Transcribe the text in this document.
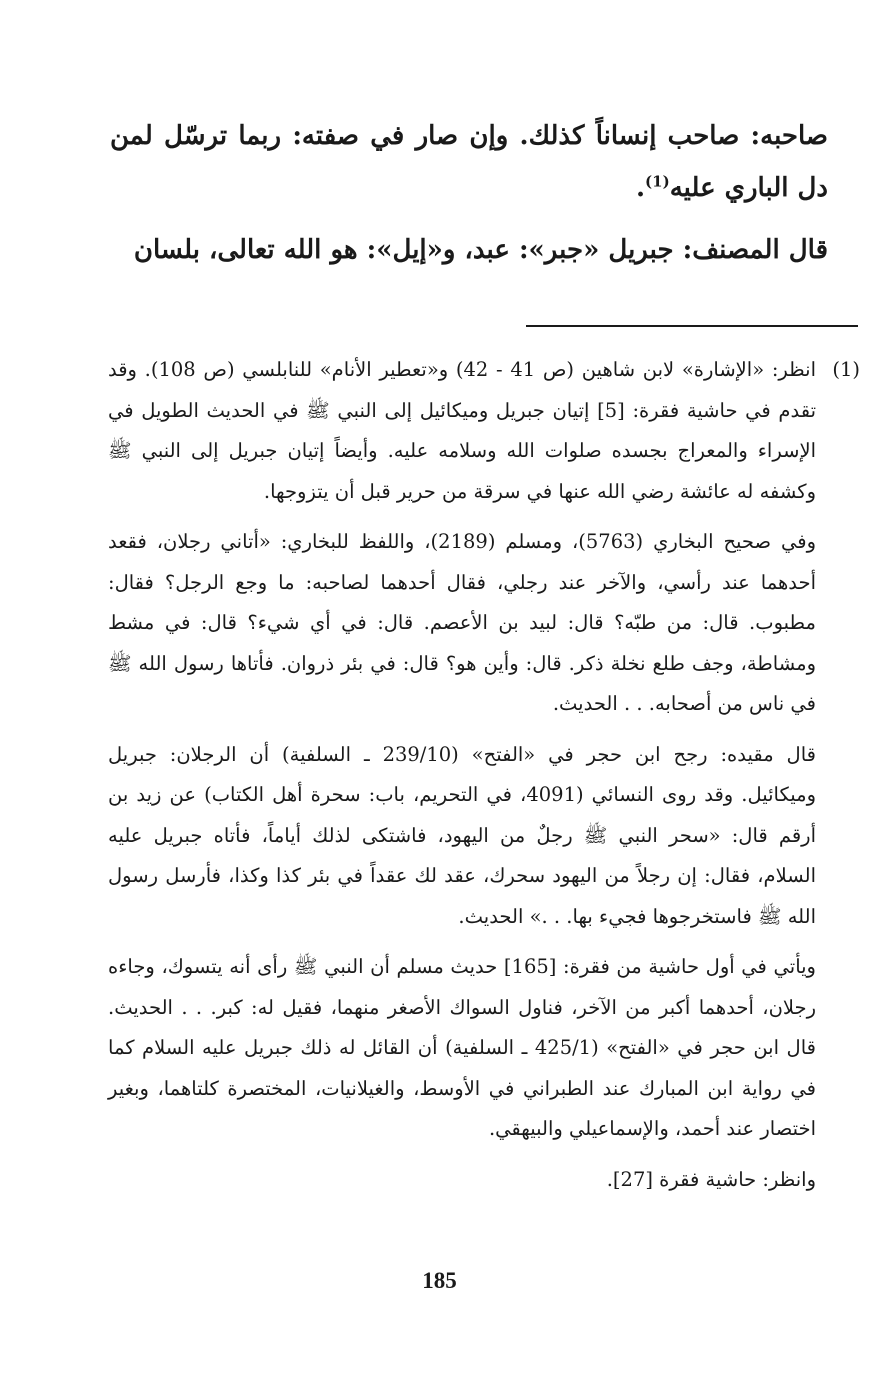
صاحبه: صاحب إنساناً كذلك. وإن صار في صفته: ربما ترسّل لمن دل الباري عليه$^{(1)}$.

قال المصنف: جبريل «جبر»: عبد، و«إيل»: هو الله تعالى، بلسان

(1)

انظر: «الإشارة» لابن شاهين (ص 41 - 42) و«تعطير الأنام» للنابلسي (ص 108). وقد تقدم في حاشية فقرة: [5] إتيان جبريل وميكائيل إلى النبي ﷺ في الحديث الطويل في الإسراء والمعراج بجسده صلوات الله وسلامه عليه. وأيضاً إتيان جبريل إلى النبي ﷺ وكشفه له عائشة رضي الله عنها في سرقة من حرير قبل أن يتزوجها.

وفي صحيح البخاري (5763)، ومسلم (2189)، واللفظ للبخاري: «أتاني رجلان، فقعد أحدهما عند رأسي، والآخر عند رجلي، فقال أحدهما لصاحبه: ما وجع الرجل؟ فقال: مطبوب. قال: من طبّه؟ قال: لبيد بن الأعصم. قال: في أي شيء؟ قال: في مشط ومشاطة، وجف طلع نخلة ذكر. قال: وأين هو؟ قال: في بئر ذروان. فأتاها رسول الله ﷺ في ناس من أصحابه. . . الحديث.

قال مقيده: رجح ابن حجر في «الفتح» (239/10 ـ السلفية) أن الرجلان: جبريل وميكائيل. وقد روى النسائي (4091، في التحريم، باب: سحرة أهل الكتاب) عن زيد بن أرقم قال: «سحر النبي ﷺ رجلٌ من اليهود، فاشتكى لذلك أياماً، فأتاه جبريل عليه السلام، فقال: إن رجلاً من اليهود سحرك، عقد لك عقداً في بئر كذا وكذا، فأرسل رسول الله ﷺ فاستخرجوها فجيء بها. . .» الحديث.

ويأتي في أول حاشية من فقرة: [165] حديث مسلم أن النبي ﷺ رأى أنه يتسوك، وجاءه رجلان، أحدهما أكبر من الآخر، فناول السواك الأصغر منهما، فقيل له: كبر. . . الحديث. قال ابن حجر في «الفتح» (425/1 ـ السلفية) أن القائل له ذلك جبريل عليه السلام كما في رواية ابن المبارك عند الطبراني في الأوسط، والغيلانيات، المختصرة كلتاهما، وبغير اختصار عند أحمد، والإسماعيلي والبيهقي.

وانظر: حاشية فقرة [27].

185
